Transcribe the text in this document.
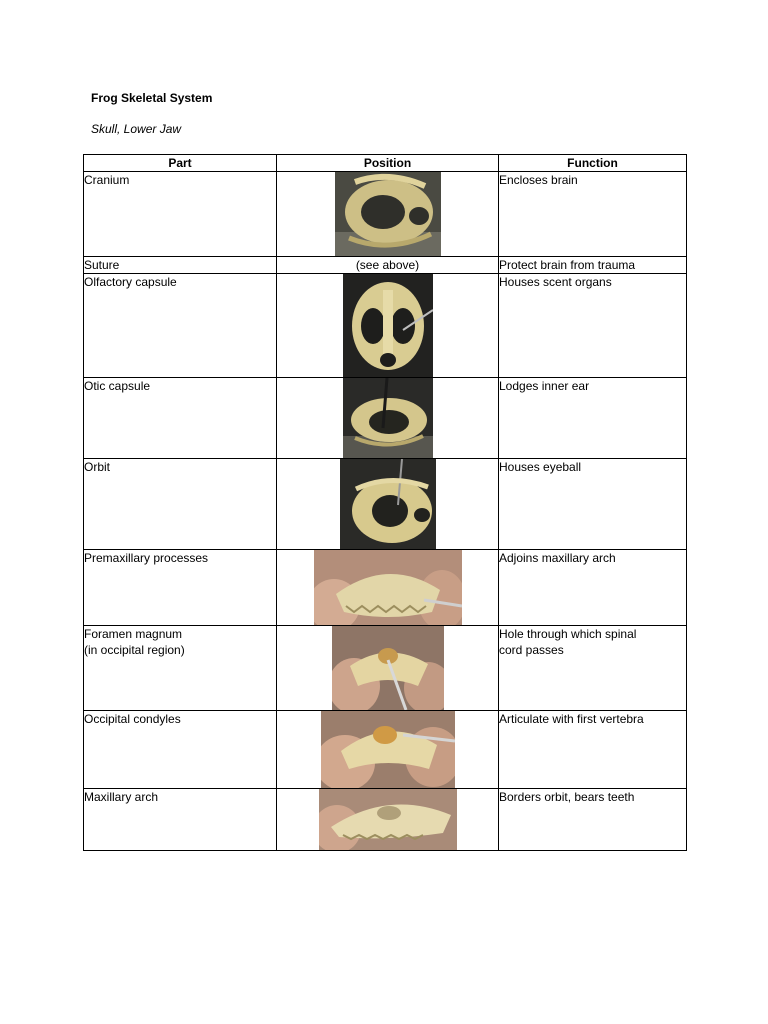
Frog Skeletal System
Skull, Lower Jaw
Part	Position	Function
Cranium		Encloses brain
Suture	(see above)	Protect brain from trauma
Olfactory capsule		Houses scent organs
Otic capsule		Lodges inner ear
Orbit		Houses eyeball
Premaxillary processes		Adjoins maxillary arch
Foramen magnum
(in occipital region)		Hole through which spinal
cord passes
Occipital condyles		Articulate with first vertebra
Maxillary arch		Borders orbit, bears teeth
